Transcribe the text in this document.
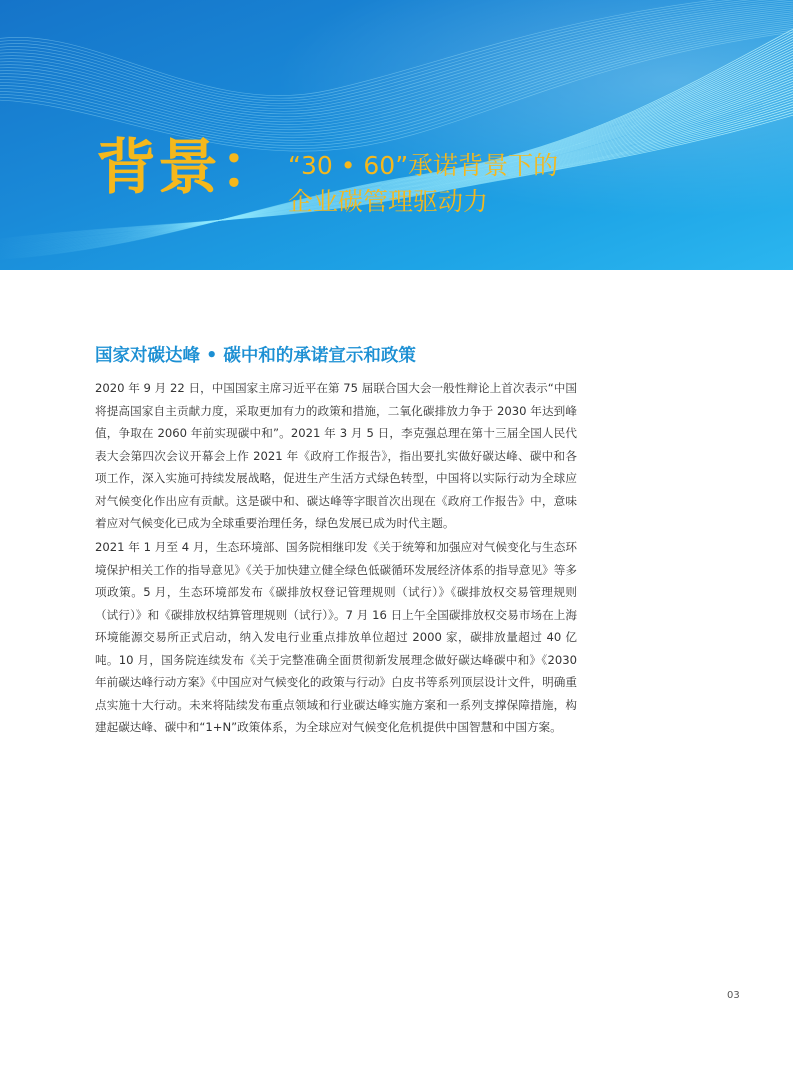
背景： “30 • 60”承诺背景下的
企业碳管理驱动力
国家对碳达峰 • 碳中和的承诺宣示和政策

2020 年 9 月 22 日，中国国家主席习近平在第 75 届联合国大会一般性辩论上首次表示“中国将提高国家自主贡献力度，采取更加有力的政策和措施，二氧化碳排放力争于 2030 年达到峰值，争取在 2060 年前实现碳中和”。2021 年 3 月 5 日，李克强总理在第十三届全国人民代表大会第四次会议开幕会上作 2021 年《政府工作报告》，指出要扎实做好碳达峰、碳中和各项工作，深入实施可持续发展战略，促进生产生活方式绿色转型，中国将以实际行动为全球应对气候变化作出应有贡献。这是碳中和、碳达峰等字眼首次出现在《政府工作报告》中，意味着应对气候变化已成为全球重要治理任务，绿色发展已成为时代主题。

2021 年 1 月至 4 月，生态环境部、国务院相继印发《关于统筹和加强应对气候变化与生态环境保护相关工作的指导意见》《关于加快建立健全绿色低碳循环发展经济体系的指导意见》等多项政策。5 月，生态环境部发布《碳排放权登记管理规则（试行）》《碳排放权交易管理规则（试行）》和《碳排放权结算管理规则（试行）》。7 月 16 日上午全国碳排放权交易市场在上海环境能源交易所正式启动，纳入发电行业重点排放单位超过 2000 家，碳排放量超过 40 亿吨。10 月，国务院连续发布《关于完整准确全面贯彻新发展理念做好碳达峰碳中和》《2030 年前碳达峰行动方案》《中国应对气候变化的政策与行动》白皮书等系列顶层设计文件，明确重点实施十大行动。未来将陆续发布重点领域和行业碳达峰实施方案和一系列支撑保障措施，构建起碳达峰、碳中和“1+N”政策体系，为全球应对气候变化危机提供中国智慧和中国方案。

03
